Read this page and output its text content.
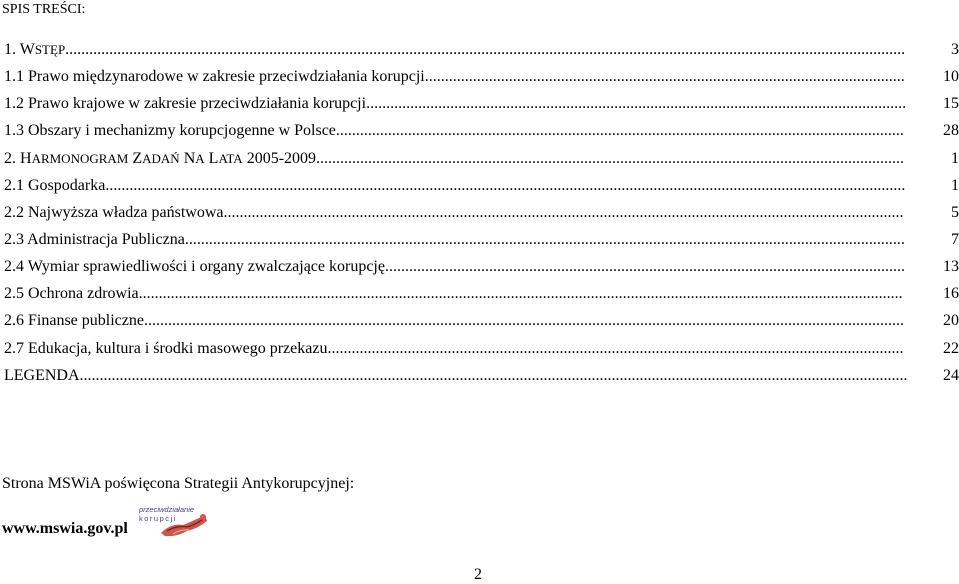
SPIS TREŚCI:
1. WSTĘP..................................................................................................................................................................................................................	3
1.1 Prawo międzynarodowe w zakresie przeciwdziałania korupcji........................................................................................................................	10
1.2 Prawo krajowe w zakresie przeciwdziałania korupcji.......................................................................................................................................	15
1.3 Obszary i mechanizmy korupcjogenne w Polsce..............................................................................................................................................	28
2. HARMONOGRAM ZADAŃ NA LATA 2005-2009...................................................................................................................................................	1
2.1 Gospodarka........................................................................................................................................................................................................	1
2.2 Najwyższa władza państwowa..........................................................................................................................................................................	5
2.3 Administracja Publiczna....................................................................................................................................................................................	7
2.4 Wymiar sprawiedliwości i organy zwalczające korupcję..................................................................................................................................	13
2.5 Ochrona zdrowia...............................................................................................................................................................................................	16
2.6 Finanse publiczne..............................................................................................................................................................................................	20
2.7 Edukacja, kultura i środki masowego przekazu................................................................................................................................................	22
LEGENDA...............................................................................................................................................................................................................	24
Strona MSWiA poświęcona Strategii Antykorupcyjnej:
www.mswia.gov.pl
przeciwdziałanie
korupcji
2
